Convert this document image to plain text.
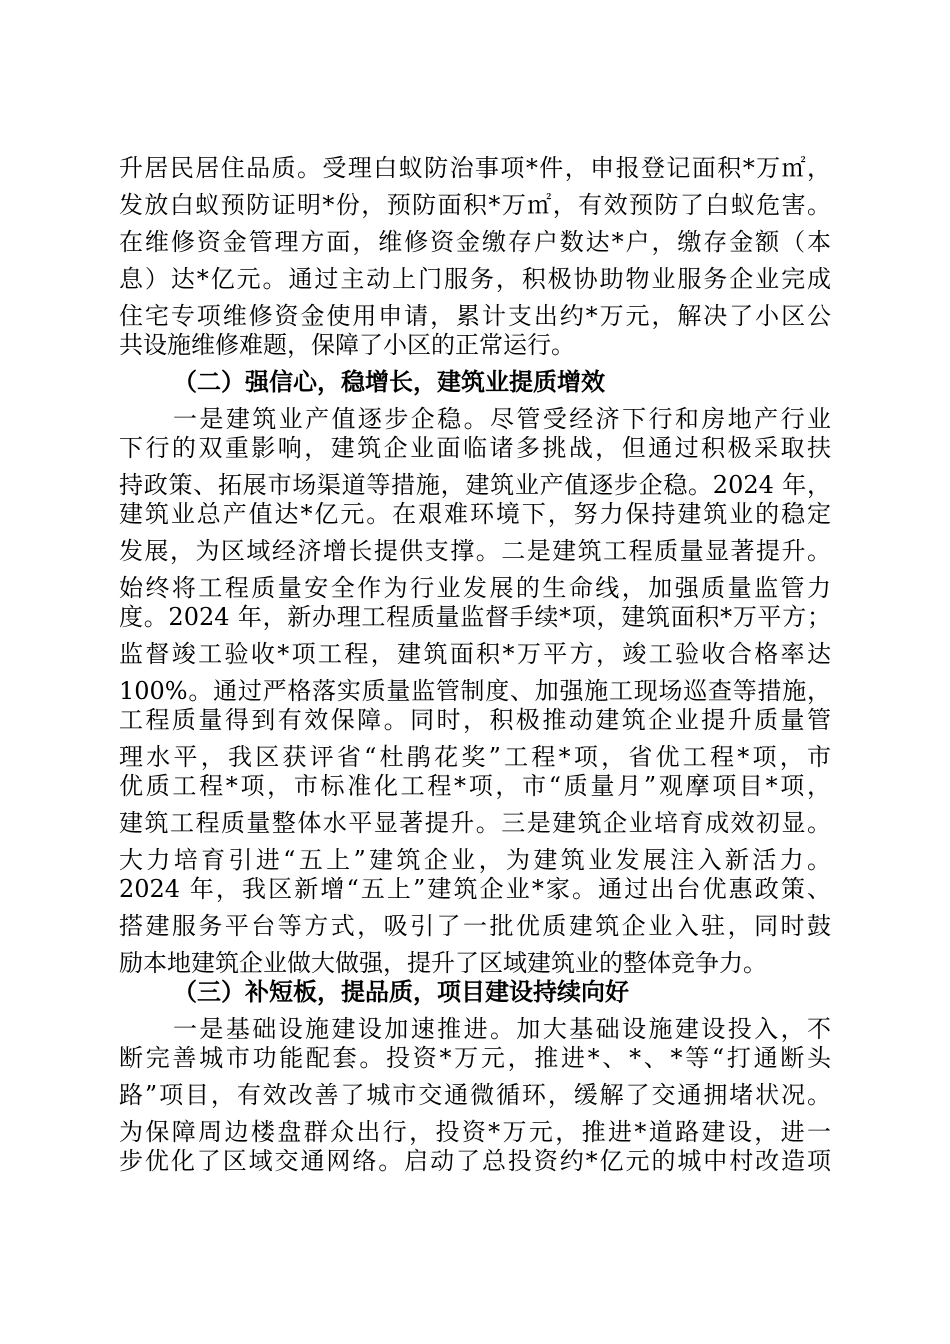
升居民居住品质。受理白蚁防治事项*件，申报登记面积*万㎡，
发放白蚁预防证明*份，预防面积*万㎡，有效预防了白蚁危害。
在维修资金管理方面，维修资金缴存户数达*户，缴存金额（本
息）达*亿元。通过主动上门服务，积极协助物业服务企业完成
住宅专项维修资金使用申请，累计支出约*万元，解决了小区公
共设施维修难题，保障了小区的正常运行。
（二）强信心，稳增长，建筑业提质增效
一是建筑业产值逐步企稳。尽管受经济下行和房地产行业
下行的双重影响，建筑企业面临诸多挑战，但通过积极采取扶
持政策、拓展市场渠道等措施，建筑业产值逐步企稳。2024 年，
建筑业总产值达*亿元。在艰难环境下，努力保持建筑业的稳定
发展，为区域经济增长提供支撑。二是建筑工程质量显著提升。
始终将工程质量安全作为行业发展的生命线，加强质量监管力
度。2024 年，新办理工程质量监督手续*项，建筑面积*万平方；
监督竣工验收*项工程，建筑面积*万平方，竣工验收合格率达
100%。通过严格落实质量监管制度、加强施工现场巡查等措施，
工程质量得到有效保障。同时，积极推动建筑企业提升质量管
理水平，我区获评省“杜鹃花奖”工程*项，省优工程*项，市
优质工程*项，市标准化工程*项，市“质量月”观摩项目*项，
建筑工程质量整体水平显著提升。三是建筑企业培育成效初显。
大力培育引进“五上”建筑企业，为建筑业发展注入新活力。
2024 年，我区新增“五上”建筑企业*家。通过出台优惠政策、
搭建服务平台等方式，吸引了一批优质建筑企业入驻，同时鼓
励本地建筑企业做大做强，提升了区域建筑业的整体竞争力。
（三）补短板，提品质，项目建设持续向好
一是基础设施建设加速推进。加大基础设施建设投入，不
断完善城市功能配套。投资*万元，推进*、*、*等“打通断头
路”项目，有效改善了城市交通微循环，缓解了交通拥堵状况。
为保障周边楼盘群众出行，投资*万元，推进*道路建设，进一
步优化了区域交通网络。启动了总投资约*亿元的城中村改造项
